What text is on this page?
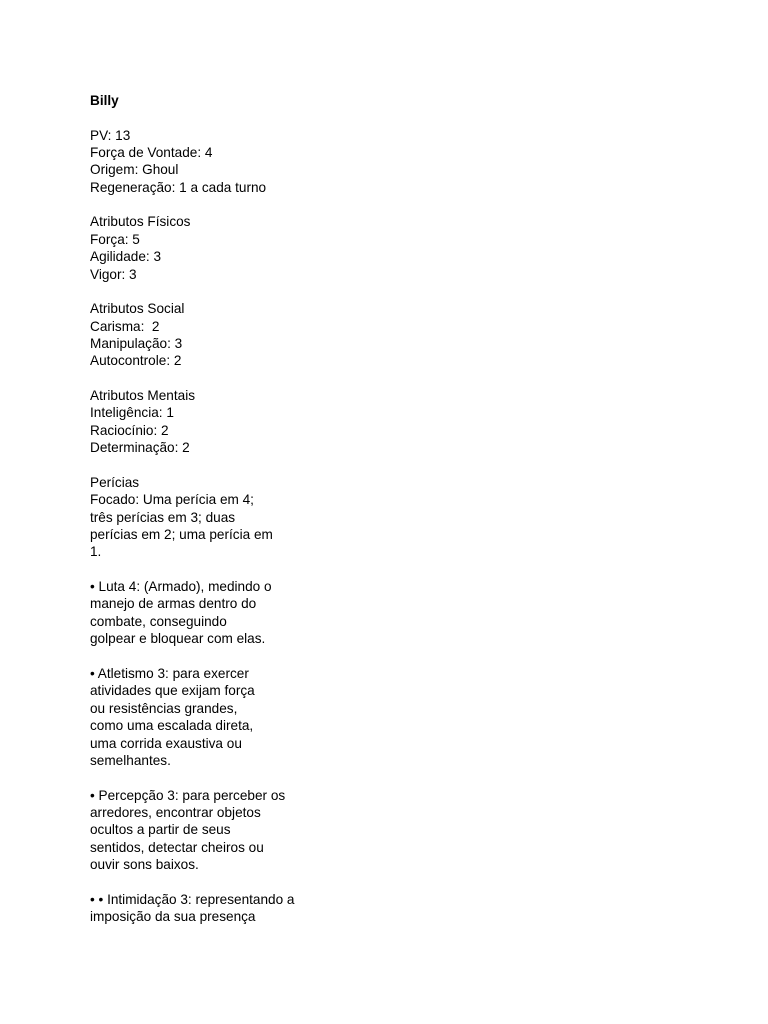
Billy

PV: 13
Força de Vontade: 4
Origem: Ghoul
Regeneração: 1 a cada turno
Atributos Físicos
Força: 5
Agilidade: 3
Vigor: 3
Atributos Social
Carisma:  2
Manipulação: 3
Autocontrole: 2
Atributos Mentais
Inteligência: 1
Raciocínio: 2
Determinação: 2
Perícias
Focado: Uma perícia em 4;
três perícias em 3; duas
perícias em 2; uma perícia em
1.
• Luta 4: (Armado), medindo o
manejo de armas dentro do
combate, conseguindo
golpear e bloquear com elas.
• Atletismo 3: para exercer
atividades que exijam força
ou resistências grandes,
como uma escalada direta,
uma corrida exaustiva ou
semelhantes.
• Percepção 3: para perceber os
arredores, encontrar objetos
ocultos a partir de seus
sentidos, detectar cheiros ou
ouvir sons baixos.
• • Intimidação 3: representando a
imposição da sua presença
